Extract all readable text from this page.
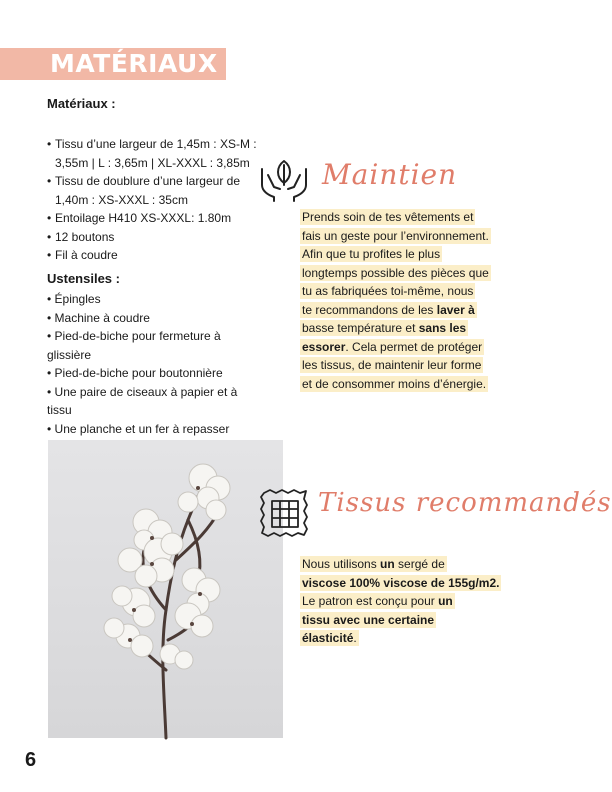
MATÉRIAUX
Matériaux :
• Tissu d’une largeur de 1,45m : XS-M :
3,55m | L : 3,65m | XL-XXXL : 3,85m
• Tissu de doublure d’une largeur de
1,40m : XS-XXXL : 35cm
• Entoilage H410 XS-XXXL: 1.80m
• 12 boutons
• Fil à coudre
Ustensiles :
• Épingles
• Machine à coudre
• Pied-de-biche pour fermeture à glissière
• Pied-de-biche pour boutonnière
• Une paire de ciseaux à papier et à tissu
• Une planche et un fer à repasser
Maintien
Prends soin de tes vêtements et
fais un geste pour l’environnement.
Afin que tu profites le plus
longtemps possible des pièces que
tu as fabriquées toi-même, nous
te recommandons de les laver à
basse température et sans les
essorer. Cela permet de protéger
les tissus, de maintenir leur forme
et de consommer moins d’énergie.
Tissus recommandés
Nous utilisons un sergé de
viscose 100% viscose de 155g/m2.
Le patron est conçu pour un
tissu avec une certaine
élasticité.
6
